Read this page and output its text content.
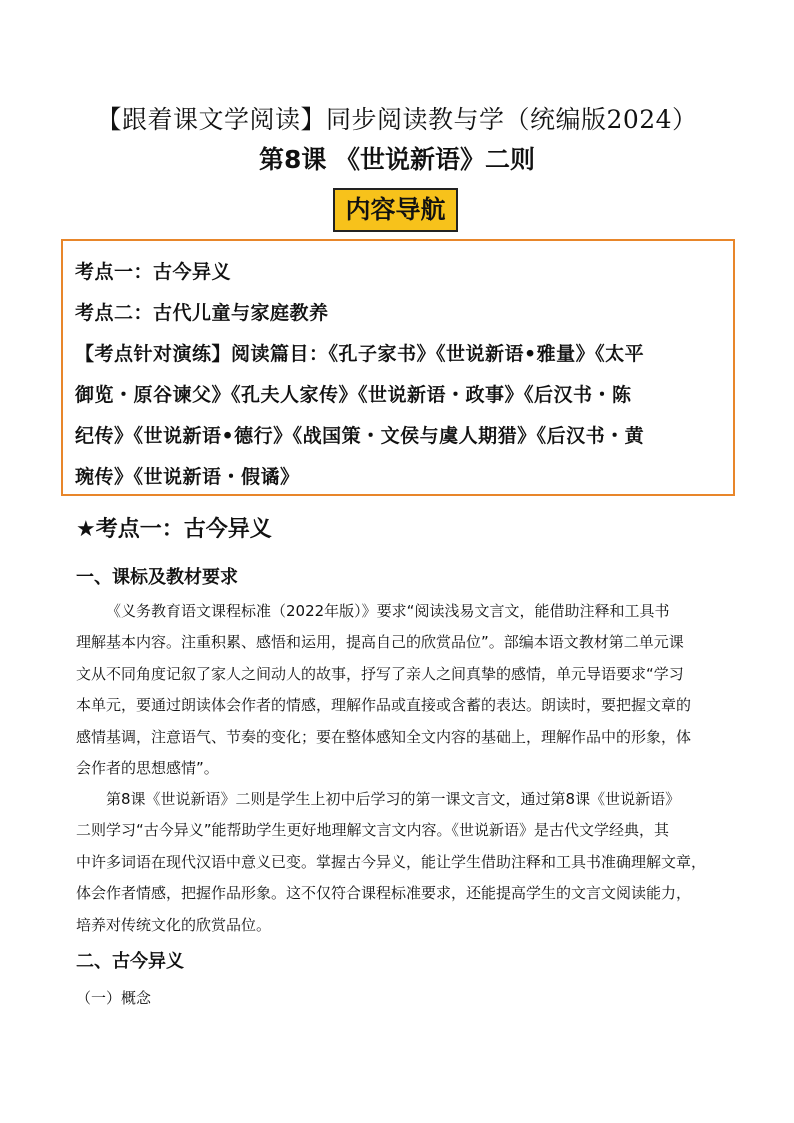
【跟着课文学阅读】同步阅读教与学（统编版2024）
第8课 《世说新语》二则
内容导航

考点一：古今异义

考点二：古代儿童与家庭教养

【考点针对演练】阅读篇目：《孔子家书》《世说新语•雅量》《太平

御览・原谷谏父》《孔夫人家传》《世说新语・政事》《后汉书・陈

纪传》《世说新语•德行》《战国策・文侯与虞人期猎》《后汉书・黄

琬传》《世说新语・假谲》

★考点一：古今异义
一、课标及教材要求
《义务教育语文课程标准（2022年版）》要求“阅读浅易文言文，能借助注释和工具书
理解基本内容。注重积累、感悟和运用，提高自己的欣赏品位”。部编本语文教材第二单元课
文从不同角度记叙了家人之间动人的故事，抒写了亲人之间真挚的感情，单元导语要求“学习
本单元，要通过朗读体会作者的情感，理解作品或直接或含蓄的表达。朗读时，要把握文章的
感情基调，注意语气、节奏的变化；要在整体感知全文内容的基础上，理解作品中的形象，体
会作者的思想感情”。
第8课《世说新语》二则是学生上初中后学习的第一课文言文，通过第8课《世说新语》
二则学习“古今异义”能帮助学生更好地理解文言文内容。《世说新语》是古代文学经典，其
中许多词语在现代汉语中意义已变。掌握古今异义，能让学生借助注释和工具书准确理解文章，
体会作者情感，把握作品形象。这不仅符合课程标准要求，还能提高学生的文言文阅读能力，
培养对传统文化的欣赏品位。
二、古今异义
（一）概念
